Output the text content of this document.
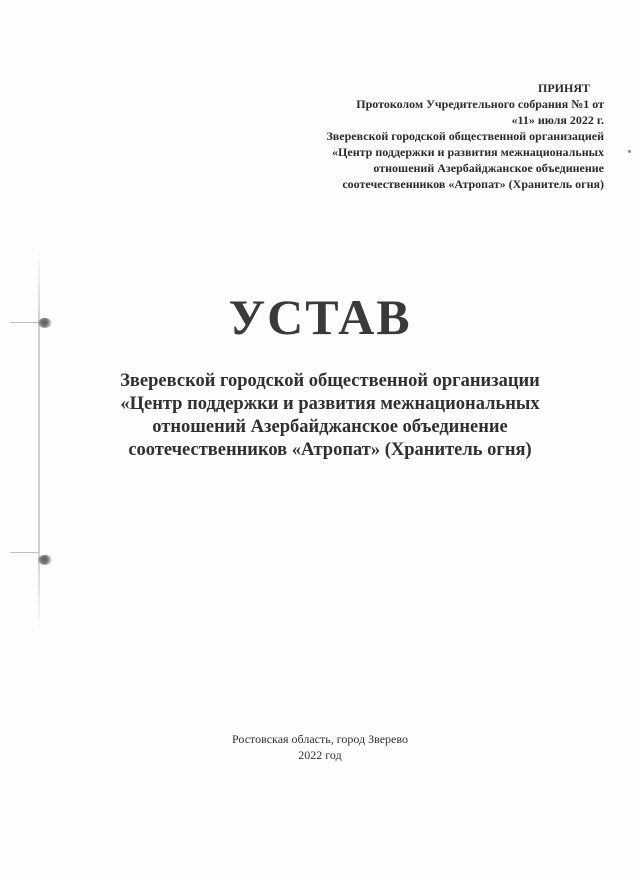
ПРИНЯТ
Протоколом Учредительного собрания №1 от
«11» июля 2022 г.
Зверевской городской общественной организацией
«Центр поддержки и развития межнациональных
отношений Азербайджанское объединение
соотечественников «Атропат» (Хранитель огня)
УСТАВ
Зверевской городской общественной организации
«Центр поддержки и развития межнациональных
отношений Азербайджанское объединение
соотечественников «Атропат» (Хранитель огня)
Ростовская область, город Зверево
2022 год
